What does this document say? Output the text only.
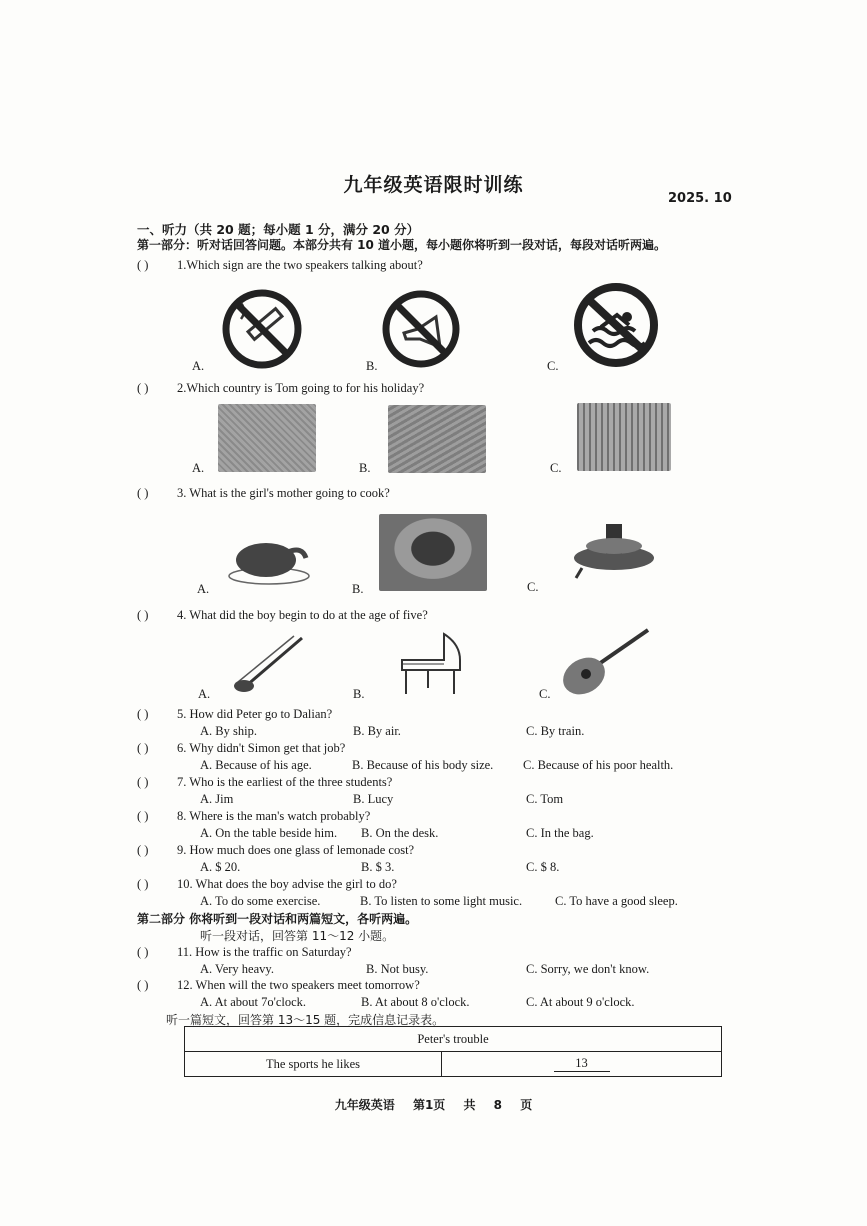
九年级英语限时训练
2025. 10
一、听力（共 20 题；每小题 1 分，满分 20 分）
第一部分：听对话回答问题。本部分共有 10 道小题，每小题你将听到一段对话，每段对话听两遍。
( ) 1.Which sign are the two speakers talking about?
A.	B.	C.
( ) 2.Which country is Tom going to for his holiday?
A.	B.	C.
( ) 3. What is the girl's mother going to cook?
A.	B.	C.
( ) 4. What did the boy begin to do at the age of five?
A.	B.	C.
( ) 5. How did Peter go to Dalian?
A. By ship.	B. By air.	C. By train.
( ) 6. Why didn't Simon get that job?
A. Because of his age.	B. Because of his body size. C. Because of his poor health.
( ) 7. Who is the earliest of the three students?
A. Jim	B. Lucy	C. Tom
( ) 8. Where is the man's watch probably?
A. On the table beside him. B. On the desk.	C. In the bag.
( ) 9. How much does one glass of lemonade cost?
A. $ 20.	B. $ 3.	C. $ 8.
( ) 10. What does the boy advise the girl to do?
A. To do some exercise.	B. To listen to some light music.	C. To have a good sleep.
第二部分 你将听到一段对话和两篇短文，各听两遍。
听一段对话，回答第 11～12 小题。
( ) 11. How is the traffic on Saturday?
A. Very heavy.	B. Not busy.	C. Sorry, we don't know.
( ) 12. When will the two speakers meet tomorrow?
A. At about 7o'clock.	B. At about 8 o'clock.	C. At about 9 o'clock.
听一篇短文，回答第 13～15 题，完成信息记录表。
Peter's trouble
The sports he likes	13
九年级英语 第1页 共 8 页
